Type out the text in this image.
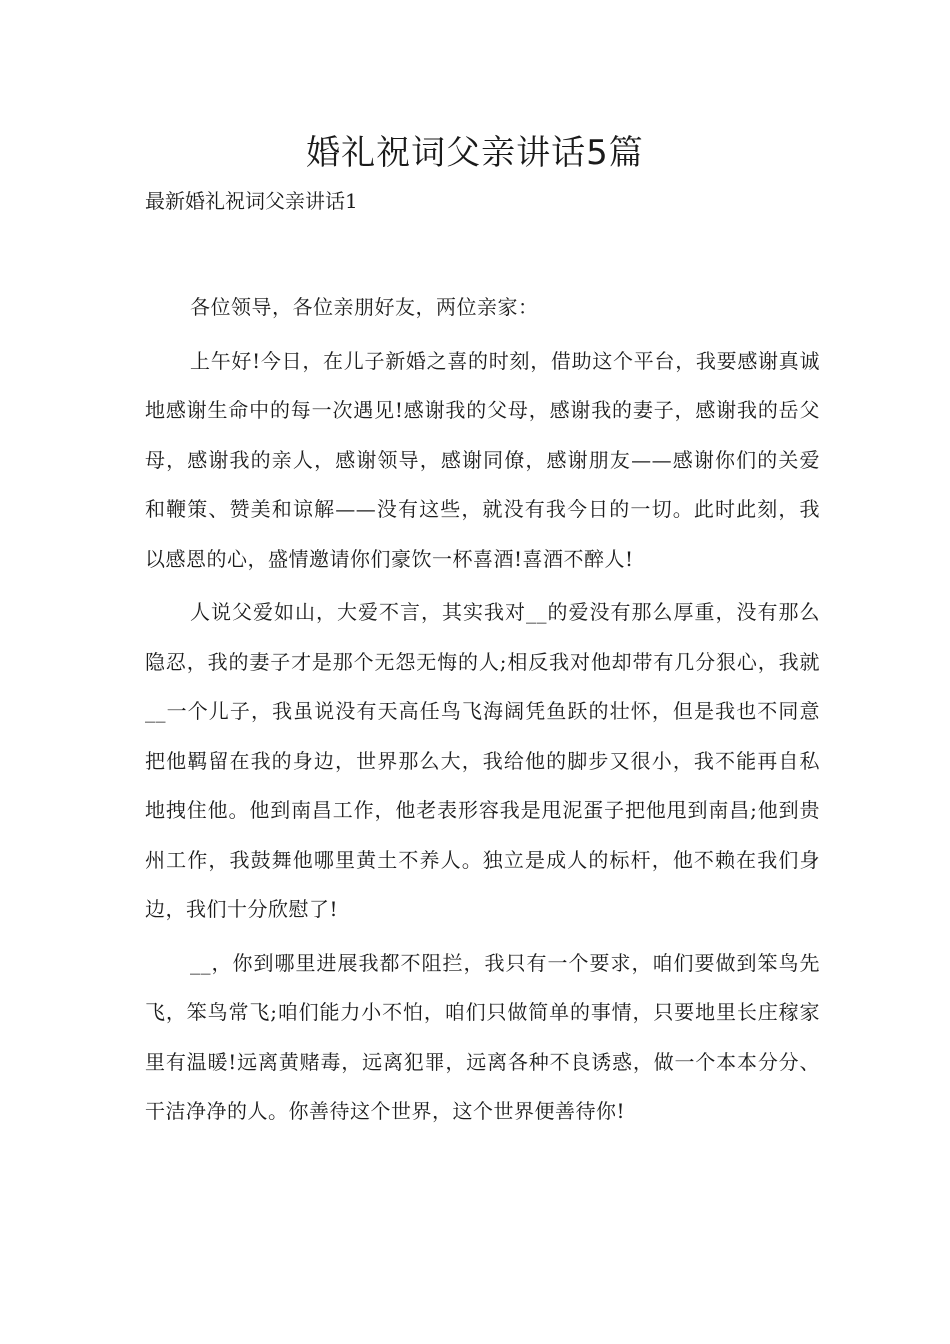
婚礼祝词父亲讲话5篇

最新婚礼祝词父亲讲话1

各位领导，各位亲朋好友，两位亲家：

上午好!今日，在儿子新婚之喜的时刻，借助这个平台，我要感谢真诚地感谢生命中的每一次遇见!感谢我的父母，感谢我的妻子，感谢我的岳父母，感谢我的亲人，感谢领导，感谢同僚，感谢朋友——感谢你们的关爱和鞭策、赞美和谅解——没有这些，就没有我今日的一切。此时此刻，我以感恩的心，盛情邀请你们豪饮一杯喜酒!喜酒不醉人!

人说父爱如山，大爱不言，其实我对__的爱没有那么厚重，没有那么隐忍，我的妻子才是那个无怨无悔的人;相反我对他却带有几分狠心，我就__一个儿子，我虽说没有天高任鸟飞海阔凭鱼跃的壮怀，但是我也不同意把他羁留在我的身边，世界那么大，我给他的脚步又很小，我不能再自私地拽住他。他到南昌工作，他老表形容我是甩泥蛋子把他甩到南昌;他到贵州工作，我鼓舞他哪里黄土不养人。独立是成人的标杆，他不赖在我们身边，我们十分欣慰了!

__，你到哪里进展我都不阻拦，我只有一个要求，咱们要做到笨鸟先飞，笨鸟常飞;咱们能力小不怕，咱们只做简单的事情，只要地里长庄稼家里有温暖!远离黄赌毒，远离犯罪，远离各种不良诱惑，做一个本本分分、干洁净净的人。你善待这个世界，这个世界便善待你!
